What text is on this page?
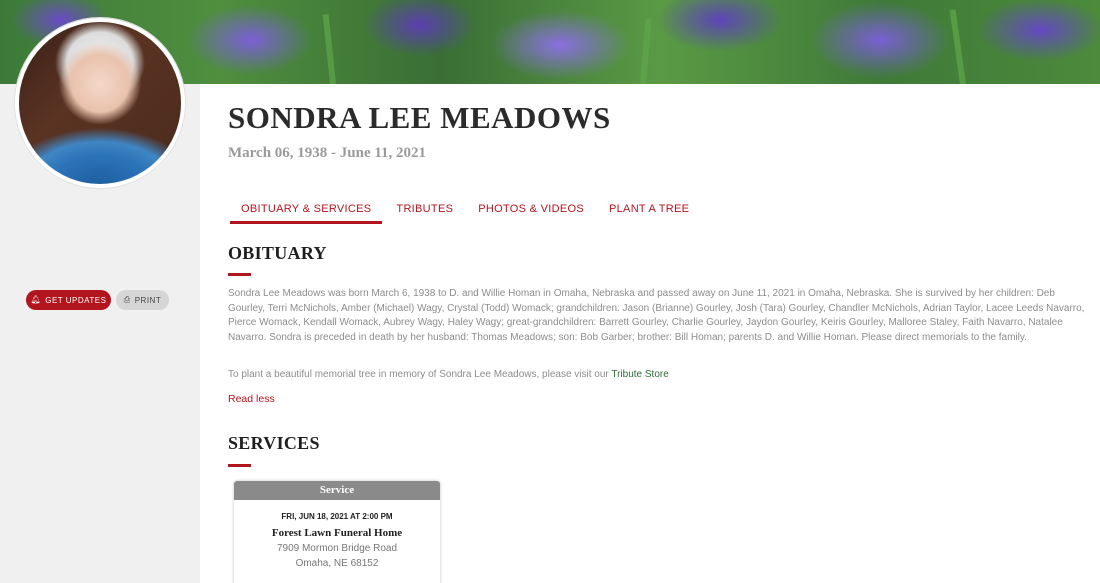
🔔︎ GET UPDATES ⎙ PRINT
SONDRA LEE MEADOWS
March 06, 1938 - June 11, 2021
OBITUARY & SERVICES	TRIBUTES	PHOTOS & VIDEOS	PLANT A TREE
OBITUARY

Sondra Lee Meadows was born March 6, 1938 to D. and Willie Homan in Omaha, Nebraska and passed away on June 11, 2021 in Omaha, Nebraska. She is survived by her children: Deb Gourley, Terri McNichols, Amber (Michael) Wagy, Crystal (Todd) Womack; grandchildren: Jason (Brianne) Gourley, Josh (Tara) Gourley, Chandler McNichols, Adrian Taylor, Lacee Leeds Navarro, Pierce Womack, Kendall Womack, Aubrey Wagy, Haley Wagy; great-grandchildren: Barrett Gourley, Charlie Gourley, Jaydon Gourley, Keiris Gourley, Malloree Staley, Faith Navarro, Natalee Navarro. Sondra is preceded in death by her husband: Thomas Meadows; son: Bob Garber; brother: Bill Homan; parents D. and Willie Homan. Please direct memorials to the family.

To plant a beautiful memorial tree in memory of Sondra Lee Meadows, please visit our Tribute Store

Read less
SERVICES
Service
FRI, JUN 18, 2021 AT 2:00 PM
Forest Lawn Funeral Home
7909 Mormon Bridge Road
Omaha, NE 68152
